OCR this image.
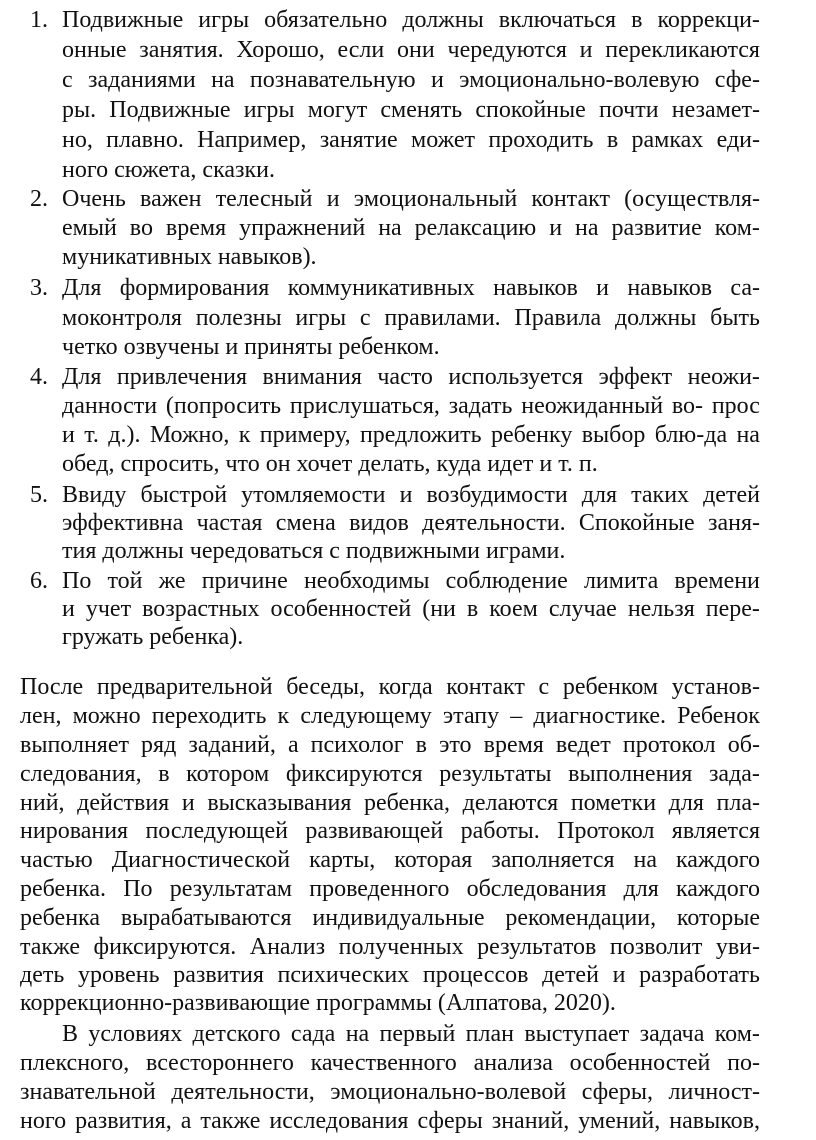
1. Подвижные игры обязательно должны включаться в коррекци-
онные занятия. Хорошо, если они чередуются и перекликаются
с заданиями на познавательную и эмоционально-волевую сфе-
ры. Подвижные игры могут сменять спокойные почти незамет-
но, плавно. Например, занятие может проходить в рамках еди-
ного сюжета, сказки.
2. Очень важен телесный и эмоциональный контакт (осуществля-
емый во время упражнений на релаксацию и на развитие ком-
муникативных навыков).
3. Для формирования коммуникативных навыков и навыков са-
моконтроля полезны игры с правилами. Правила должны быть
четко озвучены и приняты ребенком.
4. Для привлечения внимания часто используется эффект неожи-
данности (попросить прислушаться, задать неожиданный во- прос
и т. д.). Можно, к примеру, предложить ребенку выбор блю-да на
обед, спросить, что он хочет делать, куда идет и т. п.
5. Ввиду быстрой утомляемости и возбудимости для таких детей
эффективна частая смена видов деятельности. Спокойные заня-
тия должны чередоваться с подвижными играми.
6. По той же причине необходимы соблюдение лимита времени
и учет возрастных особенностей (ни в коем случае нельзя пере-
гружать ребенка).
После предварительной беседы, когда контакт с ребенком установ-
лен, можно переходить к следующему этапу – диагностике. Ребенок
выполняет ряд заданий, а психолог в это время ведет протокол об-
следования, в котором фиксируются результаты выполнения зада-
ний, действия и высказывания ребенка, делаются пометки для пла-
нирования последующей развивающей работы. Протокол является
частью Диагностической карты, которая заполняется на каждого
ребенка. По результатам проведенного обследования для каждого
ребенка вырабатываются индивидуальные рекомендации, которые
также фиксируются. Анализ полученных результатов позволит уви-
деть уровень развития психических процессов детей и разработать
коррекционно-развивающие программы (Алпатова, 2020).
В условиях детского сада на первый план выступает задача ком-
плексного, всестороннего качественного анализа особенностей по-
знавательной деятельности, эмоционально-волевой сферы, личност-
ного развития, а также исследования сферы знаний, умений, навыков,
